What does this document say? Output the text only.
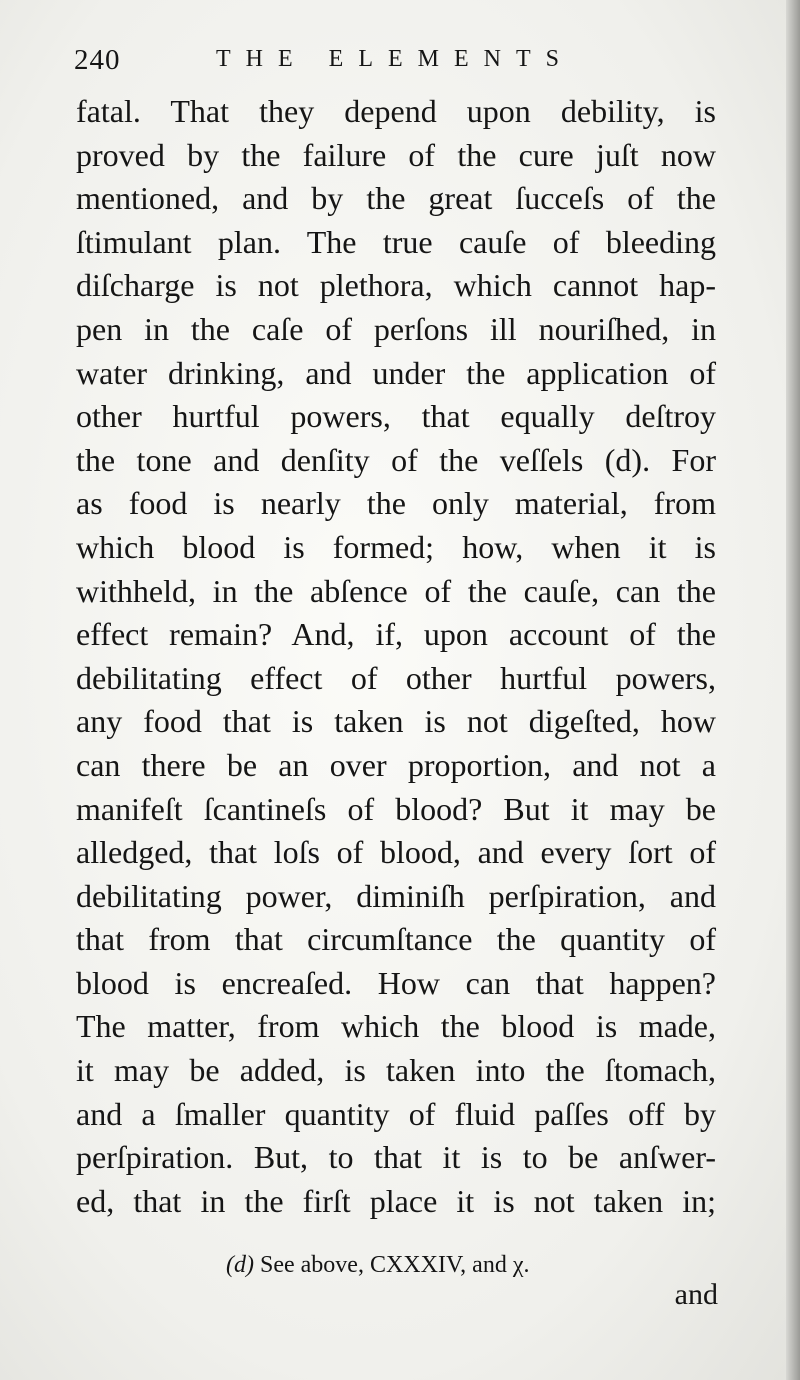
240	THE ELEMENTS
fatal. That they depend upon debility, is
proved by the failure of the cure juſt now
mentioned, and by the great ſucceſs of the
ſtimulant plan. The true cauſe of bleeding
diſcharge is not plethora, which cannot hap-
pen in the caſe of perſons ill nouriſhed, in
water drinking, and under the application of
other hurtful powers, that equally deſtroy
the tone and denſity of the veſſels (d). For
as food is nearly the only material, from
which blood is formed; how, when it is
withheld, in the abſence of the cauſe, can the
effect remain? And, if, upon account of the
debilitating effect of other hurtful powers,
any food that is taken is not digeſted, how
can there be an over proportion, and not a
manifeſt ſcantineſs of blood? But it may be
alledged, that loſs of blood, and every ſort of
debilitating power, diminiſh perſpiration, and
that from that circumſtance the quantity of
blood is encreaſed. How can that happen?
The matter, from which the blood is made,
it may be added, is taken into the ſtomach,
and a ſmaller quantity of fluid paſſes off by
perſpiration. But, to that it is to be anſwer-
ed, that in the firſt place it is not taken in;
(d) See above, CXXXIV, and χ.
and
